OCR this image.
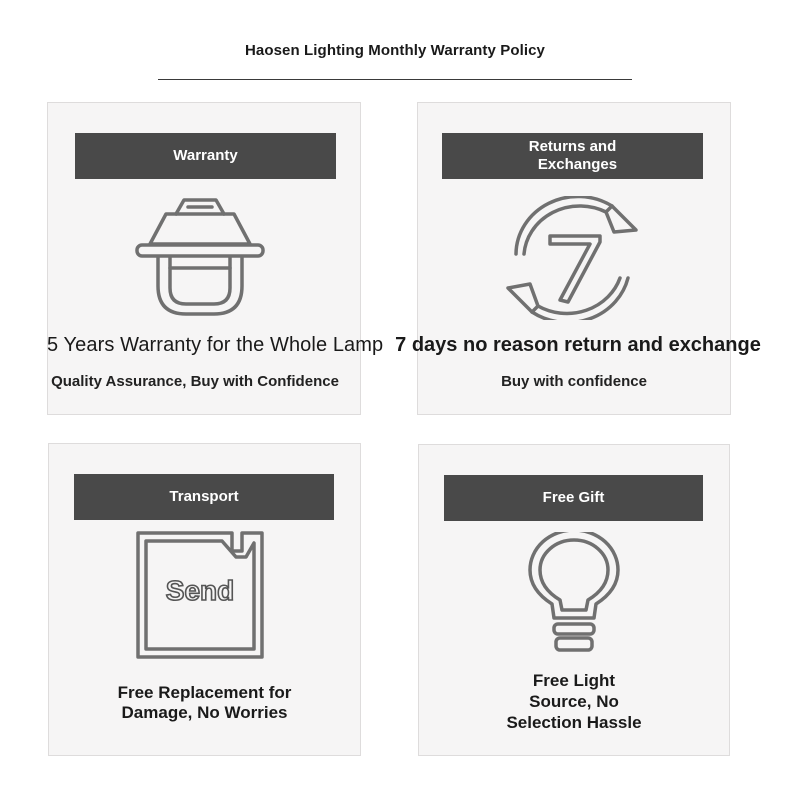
Haosen Lighting Monthly Warranty Policy
Warranty
5 Years Warranty for the Whole Lamp
Quality Assurance, Buy with Confidence
Returns and
Exchanges
7 days no reason return and exchange
Buy with confidence
Transport
Send
Free Replacement for
Damage, No Worries
Free Gift
Free Light
Source, No
Selection Hassle
